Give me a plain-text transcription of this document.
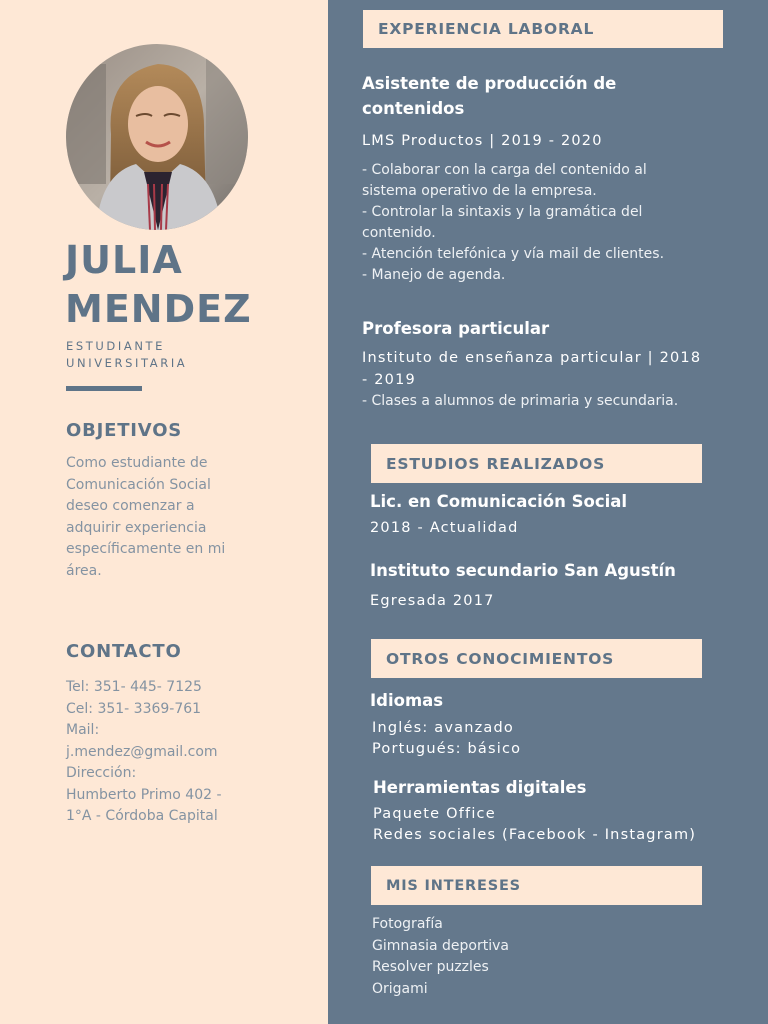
JULIA
MENDEZ
ESTUDIANTE
UNIVERSITARIA
OBJETIVOS
Como estudiante de
Comunicación Social
deseo comenzar a
adquirir experiencia
específicamente en mi
área.
CONTACTO
Tel: 351- 445- 7125
Cel: 351- 3369-761
Mail:
j.mendez@gmail.com
Dirección:
Humberto Primo 402 -
1°A - Córdoba Capital
EXPERIENCIA LABORAL
Asistente de producción de
contenidos
LMS Productos | 2019 - 2020
- Colaborar con la carga del contenido al
sistema operativo de la empresa.
- Controlar la sintaxis y la gramática del
contenido.
- Atención telefónica y vía mail de clientes.
- Manejo de agenda.
Profesora particular
Instituto de enseñanza particular | 2018
- 2019
- Clases a alumnos de primaria y secundaria.
ESTUDIOS REALIZADOS
Lic. en Comunicación Social
2018 - Actualidad
Instituto secundario San Agustín
Egresada 2017
OTROS CONOCIMIENTOS
Idiomas
Inglés: avanzado
Portugués: básico
Herramientas digitales
Paquete Office
Redes sociales (Facebook - Instagram)
MIS INTERESES
Fotografía
Gimnasia deportiva
Resolver puzzles
Origami
